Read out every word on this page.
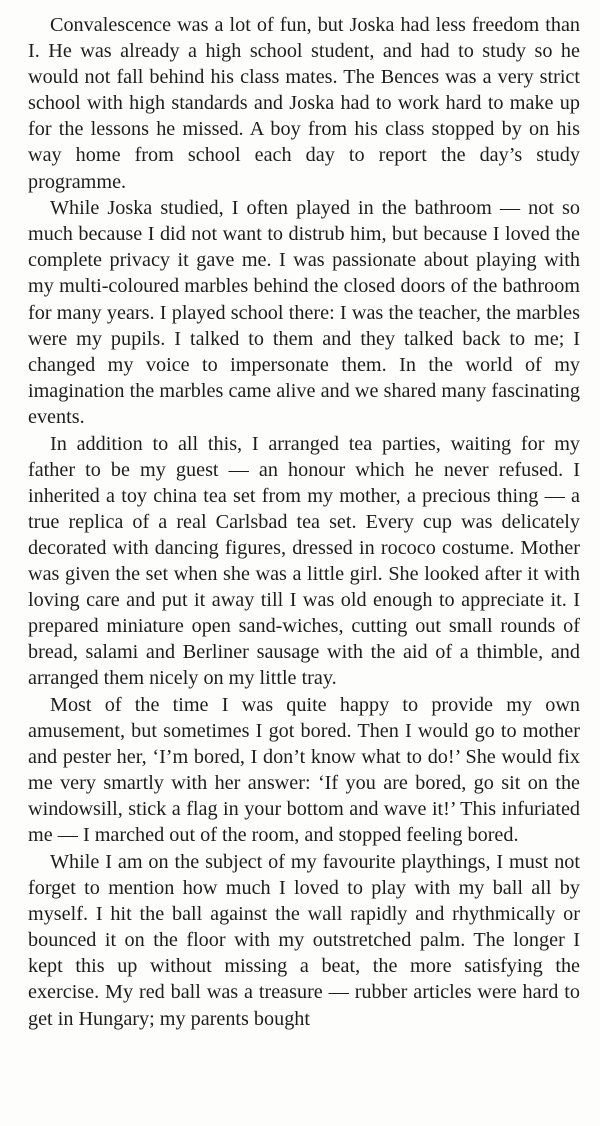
Convalescence was a lot of fun, but Joska had less freedom than I. He was already a high school student, and had to study so he would not fall behind his class mates. The Bences was a very strict school with high standards and Joska had to work hard to make up for the lessons he missed. A boy from his class stopped by on his way home from school each day to report the day’s study programme.

While Joska studied, I often played in the bathroom — not so much because I did not want to distrub him, but because I loved the complete privacy it gave me. I was passionate about playing with my multi-coloured marbles behind the closed doors of the bathroom for many years. I played school there: I was the teacher, the marbles were my pupils. I talked to them and they talked back to me; I changed my voice to impersonate them. In the world of my imagination the marbles came alive and we shared many fascinating events.

In addition to all this, I arranged tea parties, waiting for my father to be my guest — an honour which he never refused. I inherited a toy china tea set from my mother, a precious thing — a true replica of a real Carlsbad tea set. Every cup was delicately decorated with dancing figures, dressed in rococo costume. Mother was given the set when she was a little girl. She looked after it with loving care and put it away till I was old enough to appreciate it. I prepared miniature open sand-wiches, cutting out small rounds of bread, salami and Berliner sausage with the aid of a thimble, and arranged them nicely on my little tray.

Most of the time I was quite happy to provide my own amusement, but sometimes I got bored. Then I would go to mother and pester her, ‘I’m bored, I don’t know what to do!’ She would fix me very smartly with her answer: ‘If you are bored, go sit on the windowsill, stick a flag in your bottom and wave it!’ This infuriated me — I marched out of the room, and stopped feeling bored.

While I am on the subject of my favourite playthings, I must not forget to mention how much I loved to play with my ball all by myself. I hit the ball against the wall rapidly and rhythmically or bounced it on the floor with my outstretched palm. The longer I kept this up without missing a beat, the more satisfying the exercise. My red ball was a treasure — rubber articles were hard to get in Hungary; my parents bought
